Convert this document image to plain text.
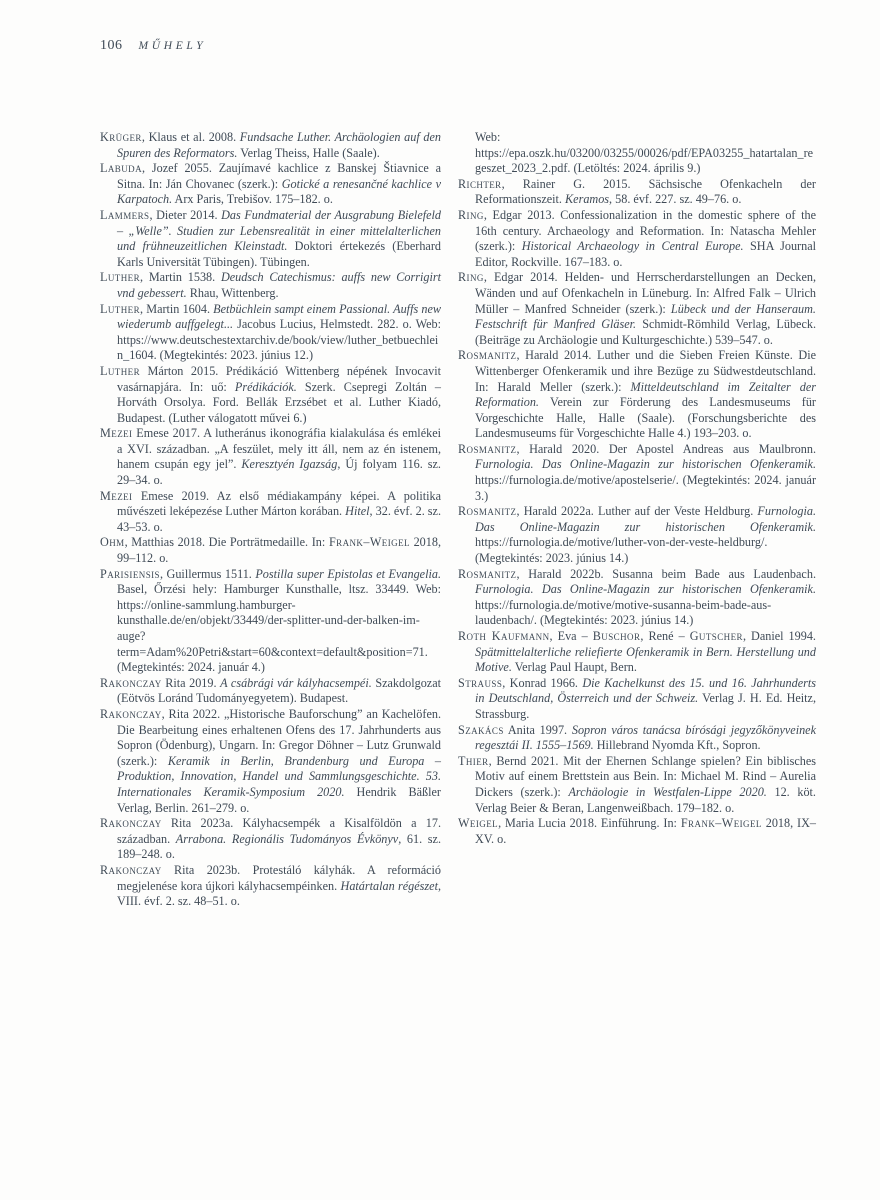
106 MŰHELY

Krüger, Klaus et al. 2008. Fundsache Luther. Archäologien auf den Spuren des Reformators. Verlag Theiss, Halle (Saale).

Labuda, Jozef 2055. Zaujímavé kachlice z Banskej Štiavnice a Sitna. In: Ján Chovanec (szerk.): Gotické a renesančné kachlice v Karpatoch. Arx Paris, Trebišov. 175–182. o.

Lammers, Dieter 2014. Das Fundmaterial der Ausgrabung Bielefeld – „Welle”. Studien zur Lebensrealität in einer mittelalterlichen und frühneuzeitlichen Kleinstadt. Doktori értekezés (Eberhard Karls Universität Tübingen). Tübingen.

Luther, Martin 1538. Deudsch Catechismus: auffs new Corrigirt vnd gebessert. Rhau, Wittenberg.

Luther, Martin 1604. Betbüchlein sampt einem Passional. Auffs new wiederumb auffgelegt... Jacobus Lucius, Helmstedt. 282. o. Web: https://www.deutschestextarchiv.de/book/view/luther_betbuechlein_1604. (Megtekintés: 2023. június 12.)

Luther Márton 2015. Prédikáció Wittenberg népének Invocavit vasárnapjára. In: uő: Prédikációk. Szerk. Csepregi Zoltán – Horváth Orsolya. Ford. Bellák Erzsébet et al. Luther Kiadó, Budapest. (Luther válogatott művei 6.)

Mezei Emese 2017. A lutheránus ikonográfia kialakulása és emlékei a XVI. században. „A feszület, mely itt áll, nem az én istenem, hanem csupán egy jel”. Keresztyén Igazság, Új folyam 116. sz. 29–34. o.

Mezei Emese 2019. Az első médiakampány képei. A politika művészeti leképezése Luther Márton korában. Hitel, 32. évf. 2. sz. 43–53. o.

Ohm, Matthias 2018. Die Porträtmedaille. In: Frank–Weigel 2018, 99–112. o.

Parisiensis, Guillermus 1511. Postilla super Epistolas et Evangelia. Basel, Őrzési hely: Hamburger Kunsthalle, ltsz. 33449. Web: https://online-sammlung.hamburger-kunsthalle.de/en/objekt/33449/der-splitter-und-der-balken-im-auge?term=Adam%20Petri&start=60&context=default&position=71. (Megtekintés: 2024. január 4.)

Rakonczay Rita 2019. A csábrági vár kályhacsempéi. Szakdolgozat (Eötvös Loránd Tudományegyetem). Budapest.

Rakonczay, Rita 2022. „Historische Bauforschung” an Kachelöfen. Die Bearbeitung eines erhaltenen Ofens des 17. Jahrhunderts aus Sopron (Ödenburg), Ungarn. In: Gregor Döhner – Lutz Grunwald (szerk.): Keramik in Berlin, Brandenburg und Europa – Produktion, Innovation, Handel und Sammlungsgeschichte. 53. Internationales Keramik-Symposium 2020. Hendrik Bäßler Verlag, Berlin. 261–279. o.

Rakonczay Rita 2023a. Kályhacsempék a Kisalföldön a 17. században. Arrabona. Regionális Tudományos Évkönyv, 61. sz. 189–248. o.

Rakonczay Rita 2023b. Protestáló kályhák. A reformáció megjelenése kora újkori kályhacsempéinken. Határtalan régészet, VIII. évf. 2. sz. 48–51. o.

Web: https://epa.oszk.hu/03200/03255/00026/pdf/EPA03255_hatartalan_regeszet_2023_2.pdf. (Letöltés: 2024. április 9.)

Richter, Rainer G. 2015. Sächsische Ofenkacheln der Reformationszeit. Keramos, 58. évf. 227. sz. 49–76. o.

Ring, Edgar 2013. Confessionalization in the domestic sphere of the 16th century. Archaeology and Reformation. In: Natascha Mehler (szerk.): Historical Archaeology in Central Europe. SHA Journal Editor, Rockville. 167–183. o.

Ring, Edgar 2014. Helden- und Herrscherdarstellungen an Decken, Wänden und auf Ofenkacheln in Lüneburg. In: Alfred Falk – Ulrich Müller – Manfred Schneider (szerk.): Lübeck und der Hanseraum. Festschrift für Manfred Gläser. Schmidt-Römhild Verlag, Lübeck. (Beiträge zu Archäologie und Kulturgeschichte.) 539–547. o.

Rosmanitz, Harald 2014. Luther und die Sieben Freien Künste. Die Wittenberger Ofenkeramik und ihre Bezüge zu Südwestdeutschland. In: Harald Meller (szerk.): Mitteldeutschland im Zeitalter der Reformation. Verein zur Förderung des Landesmuseums für Vorgeschichte Halle, Halle (Saale). (Forschungsberichte des Landesmuseums für Vorgeschichte Halle 4.) 193–203. o.

Rosmanitz, Harald 2020. Der Apostel Andreas aus Maulbronn. Furnologia. Das Online-Magazin zur historischen Ofenkeramik. https://furnologia.de/motive/apostelserie/. (Megtekintés: 2024. január 3.)

Rosmanitz, Harald 2022a. Luther auf der Veste Heldburg. Furnologia. Das Online-Magazin zur historischen Ofenkeramik. https://furnologia.de/motive/luther-von-der-veste-heldburg/. (Megtekintés: 2023. június 14.)

Rosmanitz, Harald 2022b. Susanna beim Bade aus Laudenbach. Furnologia. Das Online-Magazin zur historischen Ofenkeramik. https://furnologia.de/motive/motive-susanna-beim-bade-aus-laudenbach/. (Megtekintés: 2023. június 14.)

Roth Kaufmann, Eva – Buschor, René – Gutscher, Daniel 1994. Spätmittelalterliche reliefierte Ofenkeramik in Bern. Herstellung und Motive. Verlag Paul Haupt, Bern.

Strauss, Konrad 1966. Die Kachelkunst des 15. und 16. Jahrhunderts in Deutschland, Österreich und der Schweiz. Verlag J. H. Ed. Heitz, Strassburg.

Szakács Anita 1997. Sopron város tanácsa bírósági jegyzőkönyveinek regesztái II. 1555–1569. Hillebrand Nyomda Kft., Sopron.

Thier, Bernd 2021. Mit der Ehernen Schlange spielen? Ein biblisches Motiv auf einem Brettstein aus Bein. In: Michael M. Rind – Aurelia Dickers (szerk.): Archäologie in Westfalen-Lippe 2020. 12. köt. Verlag Beier & Beran, Langenweißbach. 179–182. o.

Weigel, Maria Lucia 2018. Einführung. In: Frank–Weigel 2018, IX–XV. o.
